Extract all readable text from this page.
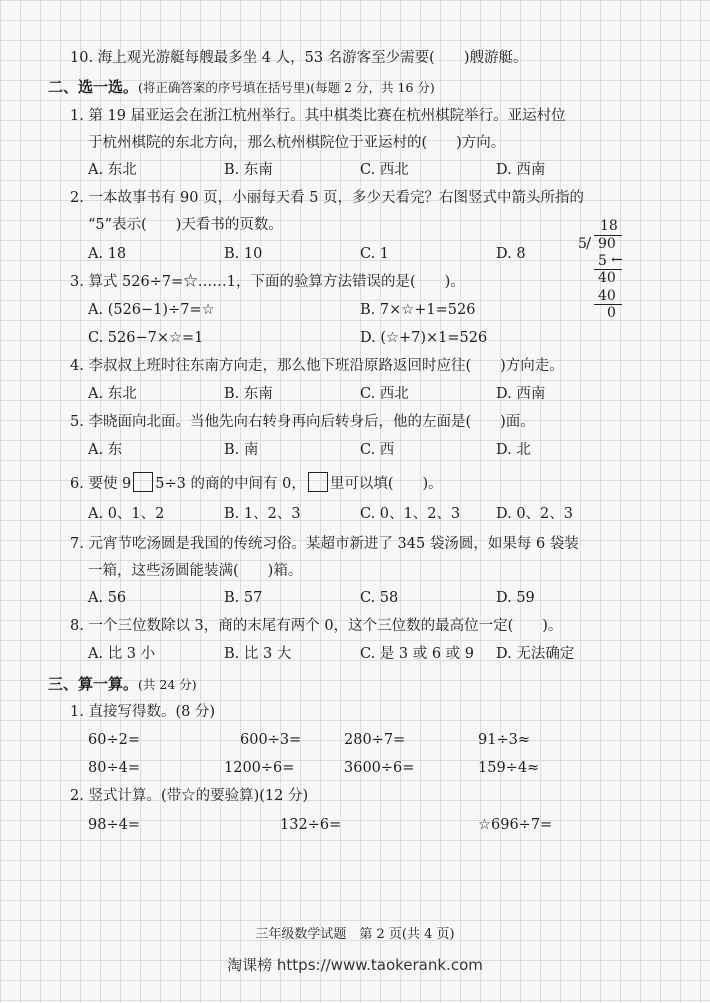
10. 海上观光游艇每艘最多坐 4 人，53 名游客至少需要(　　)艘游艇。
二、选一选。(将正确答案的序号填在括号里)(每题 2 分，共 16 分)
1. 第 19 届亚运会在浙江杭州举行。其中棋类比赛在杭州棋院举行。亚运村位
于杭州棋院的东北方向，那么杭州棋院位于亚运村的(　　)方向。
A. 东北	B. 东南	C. 西北	D. 西南
2. 一本故事书有 90 页，小丽每天看 5 页，多少天看完？右图竖式中箭头所指的
“5”表示(　　)天看书的页数。
A. 18	B. 10	C. 1	D. 8
18
5 / 90
5 ←
40
40
0
3. 算式 526÷7=☆……1，下面的验算方法错误的是(　　)。
A. (526−1)÷7=☆	B. 7×☆+1=526
C. 526−7×☆=1	D. (☆+7)×1=526
4. 李叔叔上班时往东南方向走，那么他下班沿原路返回时应往(　　)方向走。
A. 东北	B. 东南	C. 西北	D. 西南
5. 李晓面向北面。当他先向右转身再向后转身后，他的左面是(　　)面。
A. 东	B. 南	C. 西	D. 北
6. 要使 9 5÷3 的商的中间有 0， 里可以填(　　)。
A. 0、1、2	B. 1、2、3	C. 0、1、2、3 D. 0、2、3
7. 元宵节吃汤圆是我国的传统习俗。某超市新进了 345 袋汤圆，如果每 6 袋装
一箱，这些汤圆能装满(　　)箱。
A. 56	B. 57	C. 58	D. 59
8. 一个三位数除以 3，商的末尾有两个 0，这个三位数的最高位一定(　　)。
A. 比 3 小	B. 比 3 大	C. 是 3 或 6 或 9 D. 无法确定
三、算一算。(共 24 分)
1. 直接写得数。(8 分)
60÷2=	600÷3=	280÷7=	91÷3≈
80÷4=	1200÷6=	3600÷6=	159÷4≈
2. 竖式计算。(带☆的要验算)(12 分)
98÷4=	132÷6=	☆696÷7=
三年级数学试题　第 2 页(共 4 页)
淘课榜 https://www.taokerank.com
